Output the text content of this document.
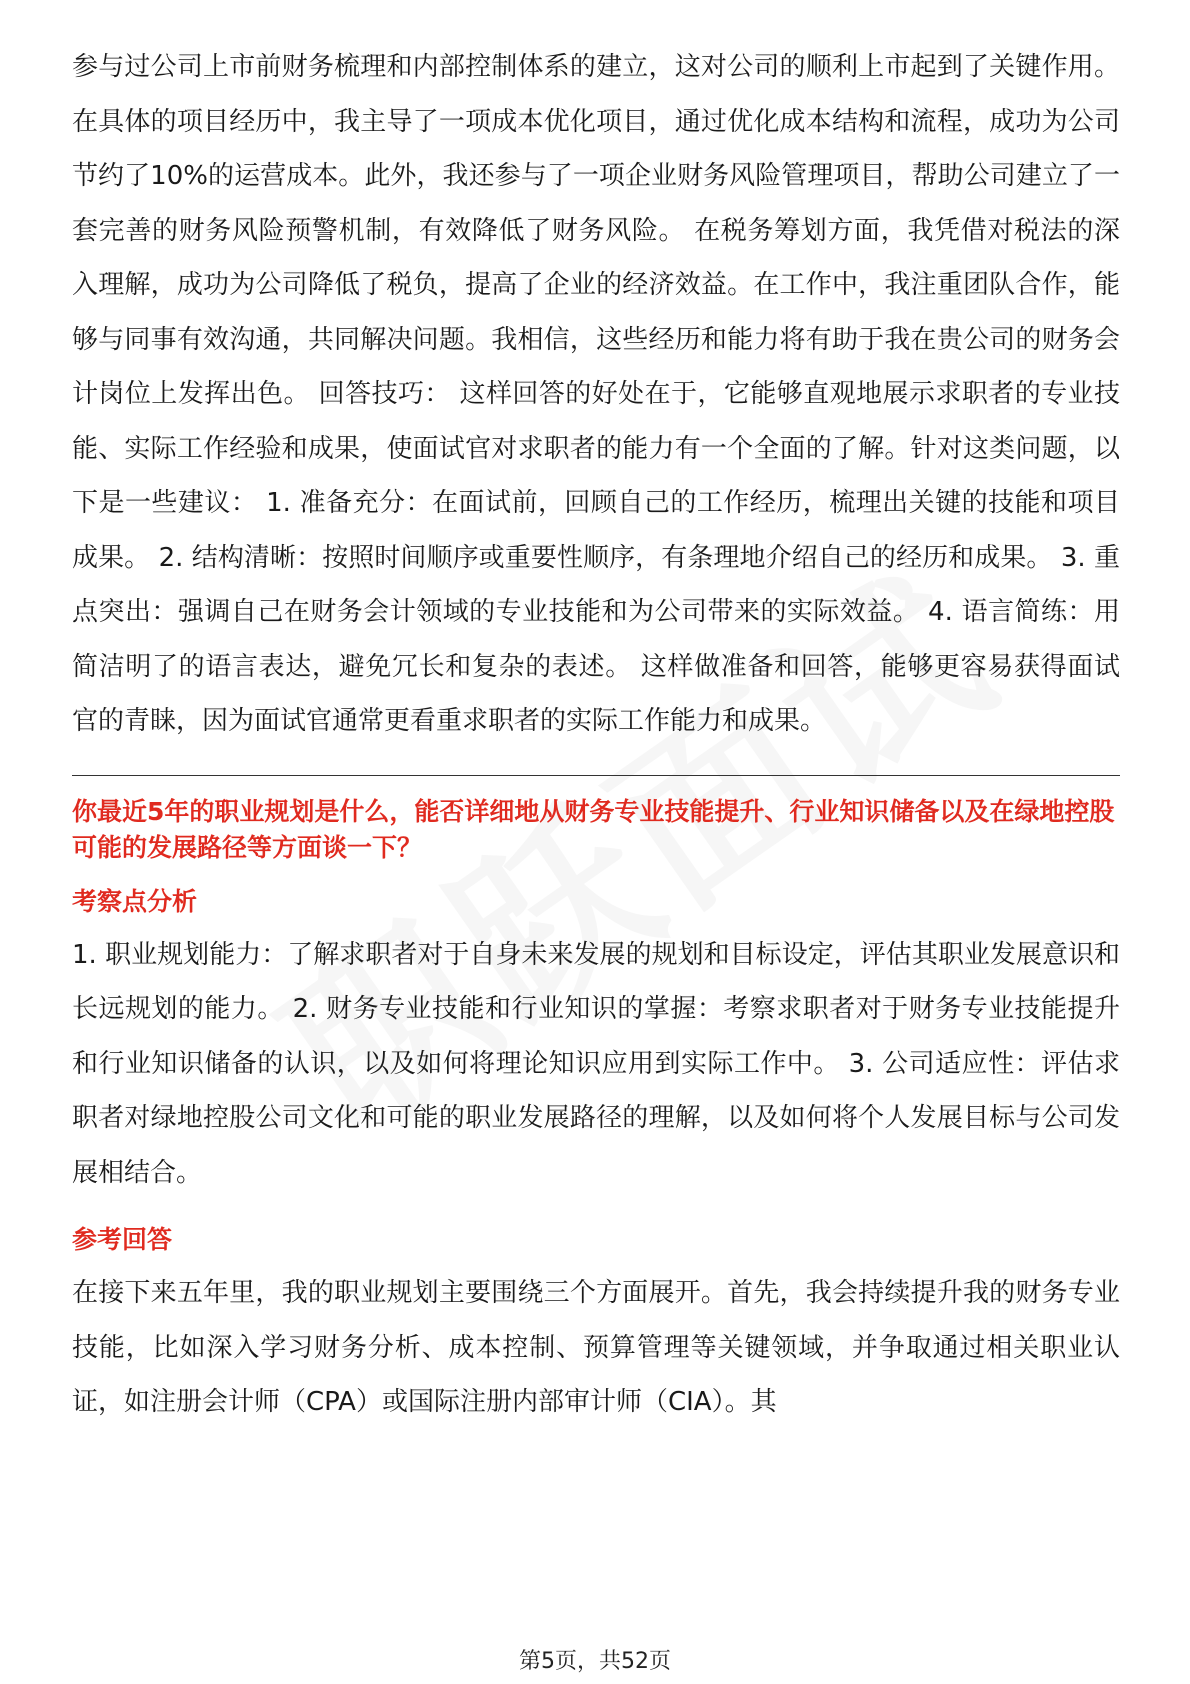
参与过公司上市前财务梳理和内部控制体系的建立，这对公司的顺利上市起到了关键作用。 在具体的项目经历中，我主导了一项成本优化项目，通过优化成本结构和流程，成功为公司节约了10%的运营成本。此外，我还参与了一项企业财务风险管理项目，帮助公司建立了一套完善的财务风险预警机制，有效降低了财务风险。 在税务筹划方面，我凭借对税法的深入理解，成功为公司降低了税负，提高了企业的经济效益。在工作中，我注重团队合作，能够与同事有效沟通，共同解决问题。我相信，这些经历和能力将有助于我在贵公司的财务会计岗位上发挥出色。 回答技巧： 这样回答的好处在于，它能够直观地展示求职者的专业技能、实际工作经验和成果，使面试官对求职者的能力有一个全面的了解。针对这类问题，以下是一些建议： 1. 准备充分：在面试前，回顾自己的工作经历，梳理出关键的技能和项目成果。 2. 结构清晰：按照时间顺序或重要性顺序，有条理地介绍自己的经历和成果。 3. 重点突出：强调自己在财务会计领域的专业技能和为公司带来的实际效益。 4. 语言简练：用简洁明了的语言表达，避免冗长和复杂的表述。 这样做准备和回答，能够更容易获得面试官的青睐，因为面试官通常更看重求职者的实际工作能力和成果。

你最近5年的职业规划是什么，能否详细地从财务专业技能提升、行业知识储备以及在绿地控股可能的发展路径等方面谈一下？

考察点分析

1. 职业规划能力：了解求职者对于自身未来发展的规划和目标设定，评估其职业发展意识和长远规划的能力。 2. 财务专业技能和行业知识的掌握：考察求职者对于财务专业技能提升和行业知识储备的认识，以及如何将理论知识应用到实际工作中。 3. 公司适应性：评估求职者对绿地控股公司文化和可能的职业发展路径的理解，以及如何将个人发展目标与公司发展相结合。

参考回答

在接下来五年里，我的职业规划主要围绕三个方面展开。首先，我会持续提升我的财务专业技能，比如深入学习财务分析、成本控制、预算管理等关键领域，并争取通过相关职业认证，如注册会计师（CPA）或国际注册内部审计师（CIA）。其

第5页，共52页
